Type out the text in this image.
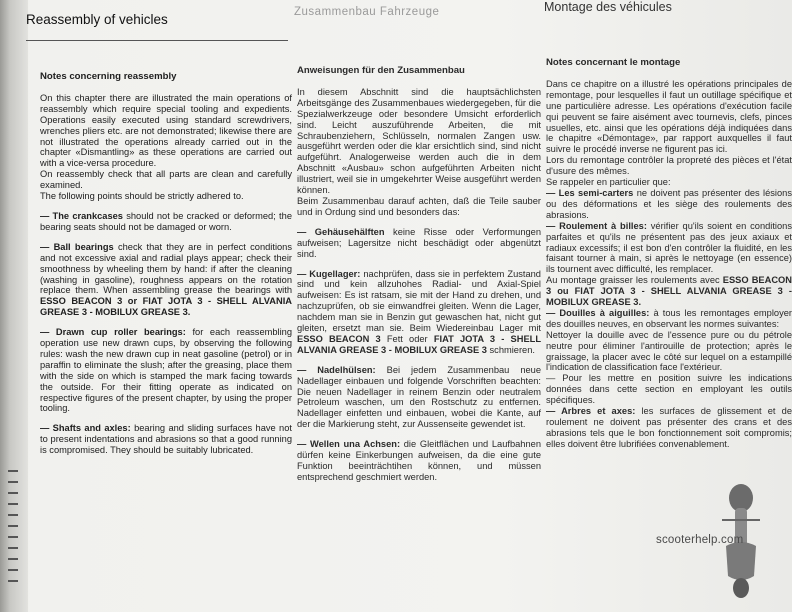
Reassembly of vehicles	Zusammenbau Fahrzeuge	Montage des véhicules
Notes concerning reassembly

On this chapter there are illustrated the main operations of reassembly which require special tooling and expedients. Operations easily executed using standard screwdrivers, wrenches pliers etc. are not demonstrated; likewise there are not illustrated the operations already carried out in the chapter «Dismantling» as these operations are carried out with a vice-versa procedure.

On reassembly check that all parts are clean and carefully examined.

The following points should be strictly adhered to.

— The crankcases should not be cracked or deformed; the bearing seats should not be damaged or worn.

— Ball bearings check that they are in perfect conditions and not excessive axial and radial plays appear; check their smoothness by wheeling them by hand: if after the cleaning (washing in gasoline), roughness appears on the rotation replace them. When assembling grease the bearings with ESSO BEACON 3 or FIAT JOTA 3 - SHELL ALVANIA GREASE 3 - MOBILUX GREASE 3.

— Drawn cup roller bearings: for each reassembling operation use new drawn cups, by observing the following rules: wash the new drawn cup in neat gasoline (petrol) or in paraffin to eliminate the slush; after the greasing, place them with the side on which is stamped the mark facing towards the outside. For their fitting operate as indicated on respective figures of the present chapter, by using the proper tooling.

— Shafts and axles: bearing and sliding surfaces have not to present indentations and abrasions so that a good running is compromised. They should be suitably lubricated.

Anweisungen für den Zusammenbau

In diesem Abschnitt sind die hauptsächlichsten Arbeitsgänge des Zusammenbaues wiedergegeben, für die Spezialwerkzeuge oder besondere Umsicht erforderlich sind. Leicht auszuführende Arbeiten, die mit Schraubenziehern, Schlüsseln, normalen Zangen usw. ausgeführt werden oder die klar ersichtlich sind, sind nicht aufgeführt. Analogerweise werden auch die in dem Abschnitt «Ausbau» schon aufgeführten Arbeiten nicht illustriert, weil sie in umgekehrter Weise ausgeführt werden können.

Beim Zusammenbau darauf achten, daß die Teile sauber und in Ordung sind und besonders das:

— Gehäusehälften keine Risse oder Verformungen aufweisen; Lagersitze nicht beschädigt oder abgenützt sind.

— Kugellager: nachprüfen, dass sie in perfektem Zustand sind und kein allzuhohes Radial- und Axial-Spiel aufweisen: Es ist ratsam, sie mit der Hand zu drehen, und nachzuprüfen, ob sie einwandfrei gleiten. Wenn die Lager, nachdem man sie in Benzin gut gewaschen hat, nicht gut gleiten, ersetzt man sie. Beim Wiedereinbau Lager mit ESSO BEACON 3 Fett oder FIAT JOTA 3 - SHELL ALVANIA GREASE 3 - MOBILUX GREASE 3 schmieren.

— Nadelhülsen: Bei jedem Zusammenbau neue Nadellager einbauen und folgende Vorschriften beachten: Die neuen Nadellager in reinem Benzin oder neutralem Petroleum waschen, um den Rostschutz zu entfernen. Nadellager einfetten und einbauen, wobei die Kante, auf der die Markierung steht, zur Aussenseite gewendet ist.

— Wellen una Achsen: die Gleitflächen und Laufbahnen dürfen keine Einkerbungen aufweisen, da die eine gute Funktion beeinträchtihen können, und müssen entsprechend geschmiert werden.

Notes concernant le montage

Dans ce chapitre on a illustré les opérations principales de remontage, pour lesquelles il faut un outillage spécifique et une particulière adresse. Les opérations d'exécution facile qui peuvent se faire aisément avec tournevis, clefs, pinces usuelles, etc. ainsi que les opérations déjà indiquées dans le chapitre «Démontage», par rapport auxquelles il faut suivre le procédé inverse ne figurent pas ici.

Lors du remontage contrôler la propreté des pièces et l'état d'usure des mêmes.

Se rappeler en particulier que:

— Les semi-carters ne doivent pas présenter des lésions ou des déformations et les siège des roulements des abrasions.

— Roulement à billes: vérifier qu'ils soient en conditions parfaites et qu'ils ne présentent pas des jeux axiaux et radiaux excessifs; il est bon d'en contrôler la fluidité, en les faisant tourner à main, si après le nettoyage (en essence) ils tournent avec difficulté, les remplacer.

Au montage graisser les roulements avec ESSO BEACON 3 ou FIAT JOTA 3 - SHELL ALVANIA GREASE 3 - MOBILUX GREASE 3.

— Douilles à aiguilles: à tous les remontages employer des douilles neuves, en observant les normes suivantes:

Nettoyer la douille avec de l'essence pure ou du pétrole neutre pour éliminer l'antirouille de protection; après le graissage, la placer avec le côté sur lequel on a estampillé l'indication de classification face l'extérieur.

— Pour les mettre en position suivre les indications données dans cette section en employant les outils spécifiques.

— Arbres et axes: les surfaces de glissement et de roulement ne doivent pas présenter des crans et des abrasions tels que le bon fonctionnement soit compromis; elles doivent être lubrifiées convenablement.

scooterhelp.com
